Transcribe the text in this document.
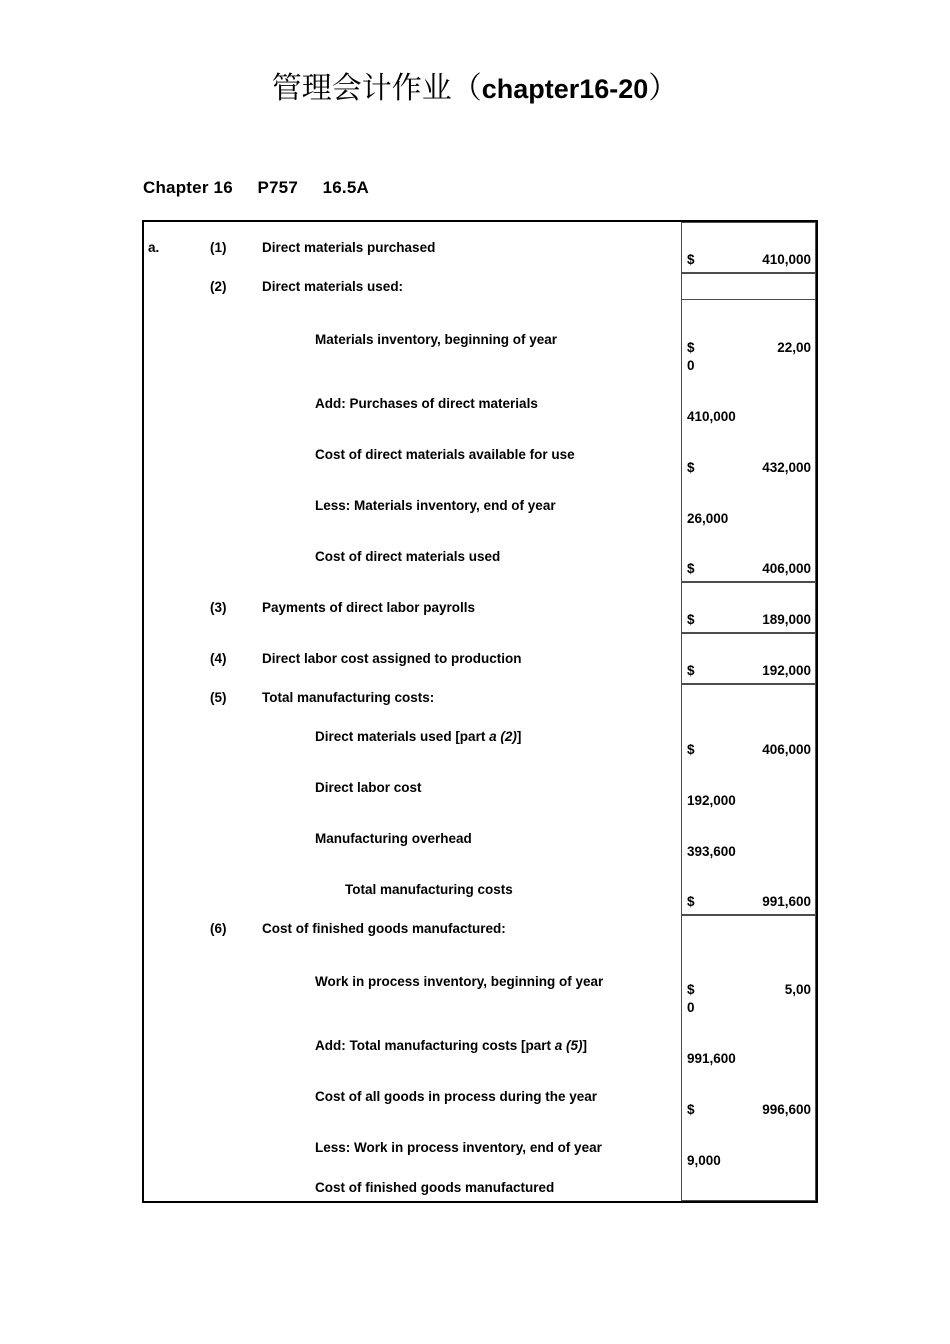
管理会计作业（chapter16-20）
Chapter 16     P757     16.5A
a. (1) Direct materials purchased	$ 410,000

(2) Direct materials used:	

Materials inventory, beginning of year	$ 22,00
0

Add: Purchases of direct materials	410,000

Cost of direct materials available for use	$ 432,000

Less: Materials inventory, end of year	26,000

Cost of direct materials used	$ 406,000

(3) Payments of direct labor payrolls	$ 189,000

(4) Direct labor cost assigned to production	$ 192,000

(5) Total manufacturing costs:	

Direct materials used [part a (2)]	$ 406,000

Direct labor cost	192,000

Manufacturing overhead	393,600

Total manufacturing costs	$ 991,600

(6) Cost of finished goods manufactured:	

Work in process inventory, beginning of year	$ 5,00
0

Add: Total manufacturing costs [part a (5)]	991,600

Cost of all goods in process during the year	$ 996,600

Less: Work in process inventory, end of year	9,000

Cost of finished goods manufactured	
